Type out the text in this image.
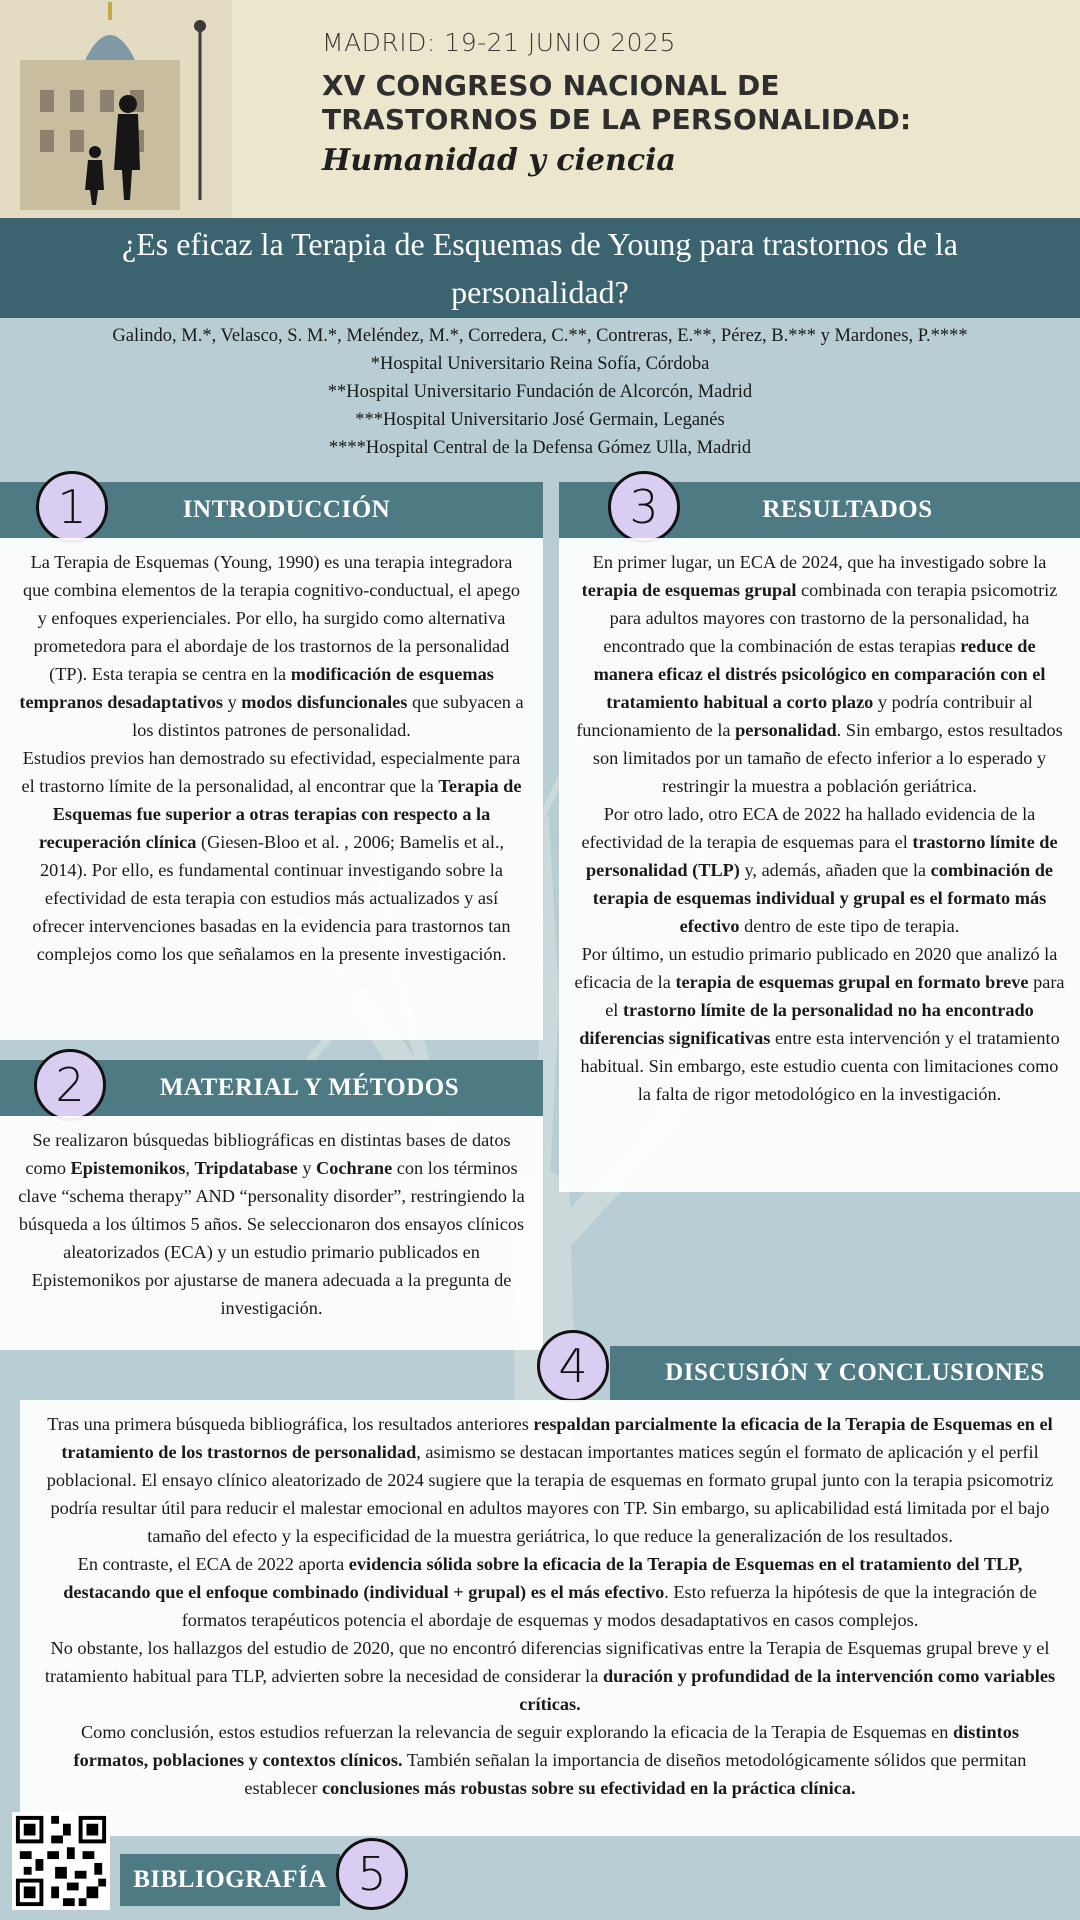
MADRID: 19-21 JUNIO 2025
XV CONGRESO NACIONAL DE
TRASTORNOS DE LA PERSONALIDAD:
Humanidad y ciencia
¿Es eficaz la Terapia de Esquemas de Young para trastornos de la
personalidad?
Galindo, M.*, Velasco, S. M.*, Meléndez, M.*, Corredera, C.**, Contreras, E.**, Pérez, B.*** y Mardones, P.****
*Hospital Universitario Reina Sofía, Córdoba
**Hospital Universitario Fundación de Alcorcón, Madrid
***Hospital Universitario José Germain, Leganés
****Hospital Central de la Defensa Gómez Ulla, Madrid
INTRODUCCIÓN
1

La Terapia de Esquemas (Young, 1990) es una terapia integradora que combina elementos de la terapia cognitivo-conductual, el apego y enfoques experienciales. Por ello, ha surgido como alternativa prometedora para el abordaje de los trastornos de la personalidad (TP). Esta terapia se centra en la modificación de esquemas tempranos desadaptativos y modos disfuncionales que subyacen a los distintos patrones de personalidad.

Estudios previos han demostrado su efectividad, especialmente para el trastorno límite de la personalidad, al encontrar que la Terapia de Esquemas fue superior a otras terapias con respecto a la recuperación clínica (Giesen-Bloo et al. , 2006; Bamelis et al., 2014). Por ello, es fundamental continuar investigando sobre la efectividad de esta terapia con estudios más actualizados y así ofrecer intervenciones basadas en la evidencia para trastornos tan complejos como los que señalamos en la presente investigación.

MATERIAL Y MÉTODOS
2

Se realizaron búsquedas bibliográficas en distintas bases de datos como Epistemonikos, Tripdatabase y Cochrane con los términos clave “schema therapy” AND “personality disorder”, restringiendo la búsqueda a los últimos 5 años. Se seleccionaron dos ensayos clínicos aleatorizados (ECA) y un estudio primario publicados en Epistemonikos por ajustarse de manera adecuada a la pregunta de investigación.

RESULTADOS
3

En primer lugar, un ECA de 2024, que ha investigado sobre la terapia de esquemas grupal combinada con terapia psicomotriz para adultos mayores con trastorno de la personalidad, ha encontrado que la combinación de estas terapias reduce de manera eficaz el distrés psicológico en comparación con el tratamiento habitual a corto plazo y podría contribuir al funcionamiento de la personalidad. Sin embargo, estos resultados son limitados por un tamaño de efecto inferior a lo esperado y restringir la muestra a población geriátrica.

Por otro lado, otro ECA de 2022 ha hallado evidencia de la efectividad de la terapia de esquemas para el trastorno límite de personalidad (TLP) y, además, añaden que la combinación de terapia de esquemas individual y grupal es el formato más efectivo dentro de este tipo de terapia.

Por último, un estudio primario publicado en 2020 que analizó la eficacia de la terapia de esquemas grupal en formato breve para el trastorno límite de la personalidad no ha encontrado diferencias significativas entre esta intervención y el tratamiento habitual. Sin embargo, este estudio cuenta con limitaciones como la falta de rigor metodológico en la investigación.

DISCUSIÓN Y CONCLUSIONES
4

Tras una primera búsqueda bibliográfica, los resultados anteriores respaldan parcialmente la eficacia de la Terapia de Esquemas en el tratamiento de los trastornos de personalidad, asimismo se destacan importantes matices según el formato de aplicación y el perfil poblacional. El ensayo clínico aleatorizado de 2024 sugiere que la terapia de esquemas en formato grupal junto con la terapia psicomotriz podría resultar útil para reducir el malestar emocional en adultos mayores con TP. Sin embargo, su aplicabilidad está limitada por el bajo tamaño del efecto y la especificidad de la muestra geriátrica, lo que reduce la generalización de los resultados.

En contraste, el ECA de 2022 aporta evidencia sólida sobre la eficacia de la Terapia de Esquemas en el tratamiento del TLP, destacando que el enfoque combinado (individual + grupal) es el más efectivo. Esto refuerza la hipótesis de que la integración de formatos terapéuticos potencia el abordaje de esquemas y modos desadaptativos en casos complejos.

No obstante, los hallazgos del estudio de 2020, que no encontró diferencias significativas entre la Terapia de Esquemas grupal breve y el tratamiento habitual para TLP, advierten sobre la necesidad de considerar la duración y profundidad de la intervención como variables críticas.

Como conclusión, estos estudios refuerzan la relevancia de seguir explorando la eficacia de la Terapia de Esquemas en distintos formatos, poblaciones y contextos clínicos. También señalan la importancia de diseños metodológicamente sólidos que permitan establecer conclusiones más robustas sobre su efectividad en la práctica clínica.

BIBLIOGRAFÍA 5
